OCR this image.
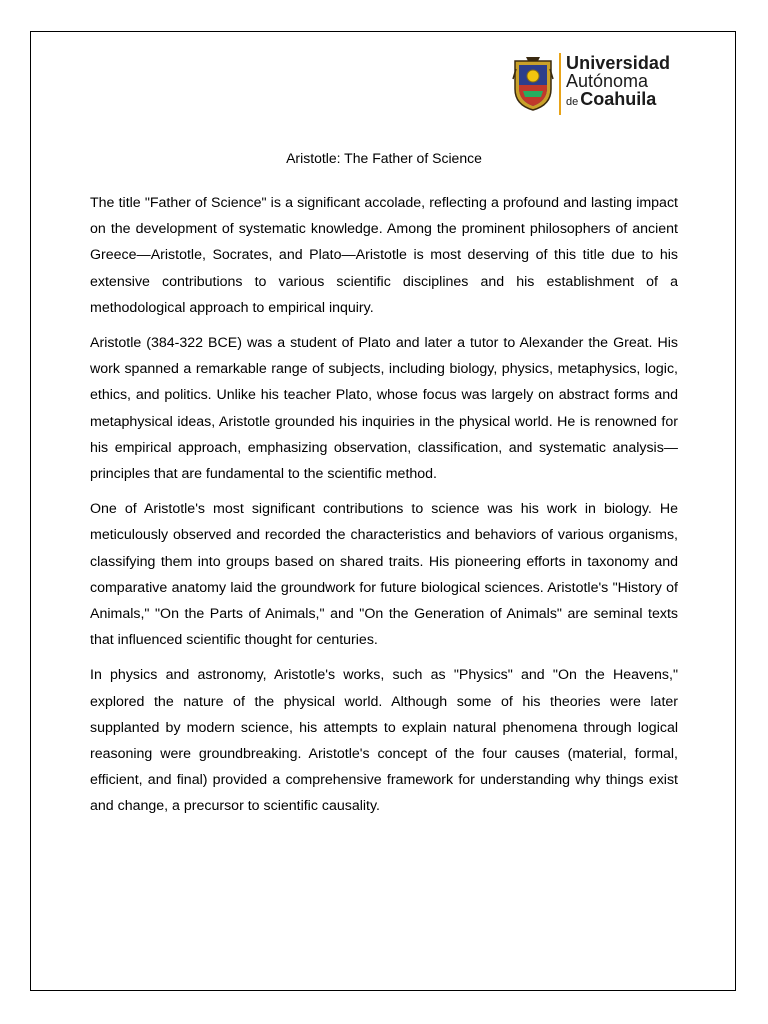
Universidad
Autónoma
de Coahuila
Aristotle: The Father of Science

The title "Father of Science" is a significant accolade, reflecting a profound and lasting impact on the development of systematic knowledge. Among the prominent philosophers of ancient Greece—Aristotle, Socrates, and Plato—Aristotle is most deserving of this title due to his extensive contributions to various scientific disciplines and his establishment of a methodological approach to empirical inquiry.

Aristotle (384-322 BCE) was a student of Plato and later a tutor to Alexander the Great. His work spanned a remarkable range of subjects, including biology, physics, metaphysics, logic, ethics, and politics. Unlike his teacher Plato, whose focus was largely on abstract forms and metaphysical ideas, Aristotle grounded his inquiries in the physical world. He is renowned for his empirical approach, emphasizing observation, classification, and systematic analysis—principles that are fundamental to the scientific method.

One of Aristotle's most significant contributions to science was his work in biology. He meticulously observed and recorded the characteristics and behaviors of various organisms, classifying them into groups based on shared traits. His pioneering efforts in taxonomy and comparative anatomy laid the groundwork for future biological sciences. Aristotle's "History of Animals," "On the Parts of Animals," and "On the Generation of Animals" are seminal texts that influenced scientific thought for centuries.

In physics and astronomy, Aristotle's works, such as "Physics" and "On the Heavens," explored the nature of the physical world. Although some of his theories were later supplanted by modern science, his attempts to explain natural phenomena through logical reasoning were groundbreaking. Aristotle's concept of the four causes (material, formal, efficient, and final) provided a comprehensive framework for understanding why things exist and change, a precursor to scientific causality.
